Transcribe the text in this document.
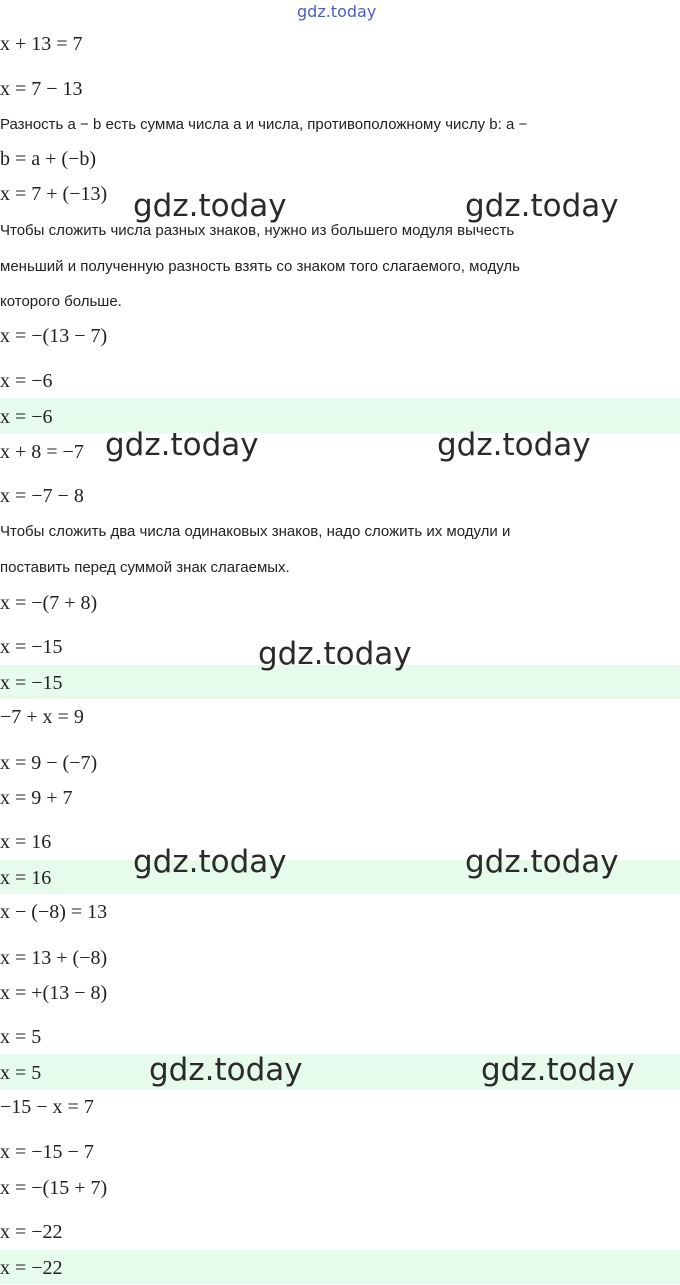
gdz.today
x + 13 = 7
x = 7 − 13
Разность a − b есть сумма числа a и числа, противоположному числу b: a −
b = a + (−b)
x = 7 + (−13)
Чтобы сложить числа разных знаков, нужно из большего модуля вычесть
меньший и полученную разность взять со знаком того слагаемого, модуль
которого больше.
x = −(13 − 7)
x = −6
x = −6
x + 8 = −7
x = −7 − 8
Чтобы сложить два числа одинаковых знаков, надо сложить их модули и
поставить перед суммой знак слагаемых.
x = −(7 + 8)
x = −15
x = −15
−7 + x = 9
x = 9 − (−7)
x = 9 + 7
x = 16
x = 16
x − (−8) = 13
x = 13 + (−8)
x = +(13 − 8)
x = 5
x = 5
−15 − x = 7
x = −15 − 7
x = −(15 + 7)
x = −22
x = −22
gdz.today	gdz.today
gdz.today	gdz.today
gdz.today
gdz.today	gdz.today
gdz.today	gdz.today
